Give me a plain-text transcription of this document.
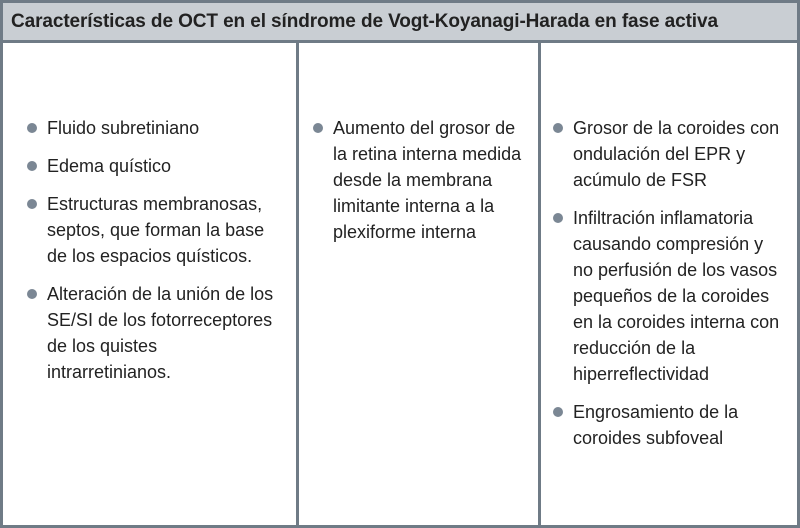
Características de OCT en el síndrome de Vogt-Koyanagi-Harada en fase activa
Fluido subretiniano
Edema quístico
Estructuras membranosas, septos, que forman la base de los espacios quísticos.
Alteración de la unión de los SE/SI de los fotorreceptores de los quistes intrarretinianos.
Aumento del grosor de la retina interna medida desde la membrana limitante interna a la plexiforme interna
Grosor de la coroides con ondulación del EPR y acúmulo de FSR
Infiltración inflamatoria causando compresión y no perfusión de los vasos pequeños de la coroides en la coroides interna con reducción de la hiperreflectividad
Engrosamiento de la coroides subfoveal
